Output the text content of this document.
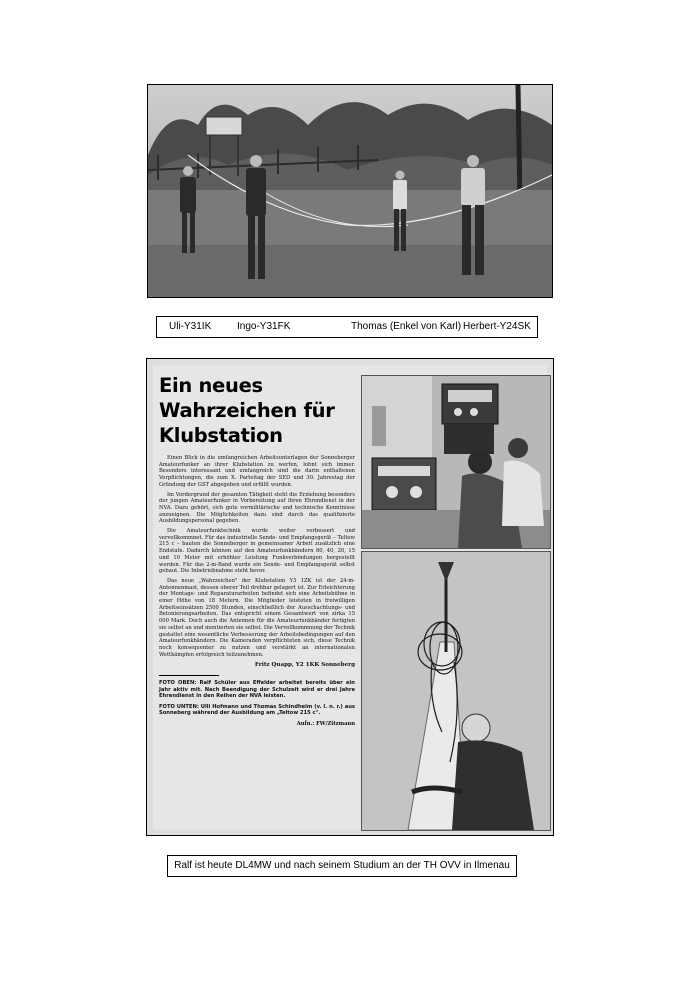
Uli-Y31IK	Ingo-Y31FK	Thomas (Enkel von Karl) Herbert-Y24SK
Ein neues
Wahrzeichen für
Klubstation

Einen Blick in die umfangreichen Arbeitsunterlagen der Sonneberger Amateurfunker an ihrer Klubstation zu werfen, lohnt sich immer. Besonders interessant und umfangreich sind die darin enthaltenen Verpflichtungen, die zum X. Parteitag der SED und 30. Jahrestag der Gründung der GST abgegeben und erfüllt wurden.

Im Vordergrund der gesamten Tätigkeit steht die Erziehung besonders der jungen Amateurfunker in Vorbereitung auf ihren Ehrendienst in der NVA. Dazu gehört, sich gute vormilitärische und technische Kenntnisse anzueignen. Die Möglichkeiten dazu sind durch das qualifizierte Ausbildungspersonal gegeben.

Die Amateurfunktechnik wurde weiter verbessert und vervollkommnet. Für das industrielle Sende- und Empfangsgerät – Teltow 215 c – bauten die Sonneberger in gemeinsamer Arbeit zusätzlich eine Endstufe. Dadurch können auf den Amateurfunkbändern 80, 40, 20, 15 und 10 Meter mit erhöhter Leistung Funkverbindungen hergestellt werden. Für das 2-m-Band wurde ein Sende- und Empfangsgerät selbst gebaut. Die Inbetriebnahme steht bevor.

Das neue „Wahrzeichen" der Klubstation Y3 1ZK ist der 24-m-Antennenmast, dessen oberer Teil drehbar gelagert ist. Zur Erleichterung der Montage- und Reparaturarbeiten befindet sich eine Arbeitsbühne in einer Höhe von 18 Metern. Die Mitglieder leisteten in freiwilligen Arbeitseinsätzen 2500 Stunden, einschließlich der Ausschachtungs- und Betonierungsarbeiten. Das entspricht einem Gesamtwert von zirka 15 000 Mark. Doch auch die Antennen für die Amateurfunkbänder fertigten sie selbst an und montierten sie selbst. Die Vervollkommnung der Technik gestattet eine wesentliche Verbesserung der Arbeitsbedingungen auf den Amateurfunkbändern. Die Kameraden verpflichteten sich, diese Technik noch konsequenter zu nutzen und verstärkt an internationalen Wettkämpfen erfolgreich teilzunehmen.

Fritz Quapp, Y2 1KK Sonneberg
FOTO OBEN: Ralf Schüler aus Effelder arbeitet bereits über ein Jahr aktiv mit. Nach Beendigung der Schulzeit wird er drei Jahre Ehrendienst in den Reihen der NVA leisten.
FOTO UNTEN: Ulli Hofmann und Thomas Schindhelm (v. l. n. r.) aus Sonneberg während der Ausbildung am „Teltow 215 c".
Aufn.: FW/Zitzmann
Ralf ist heute DL4MW und nach seinem Studium an der TH OVV in Ilmenau
